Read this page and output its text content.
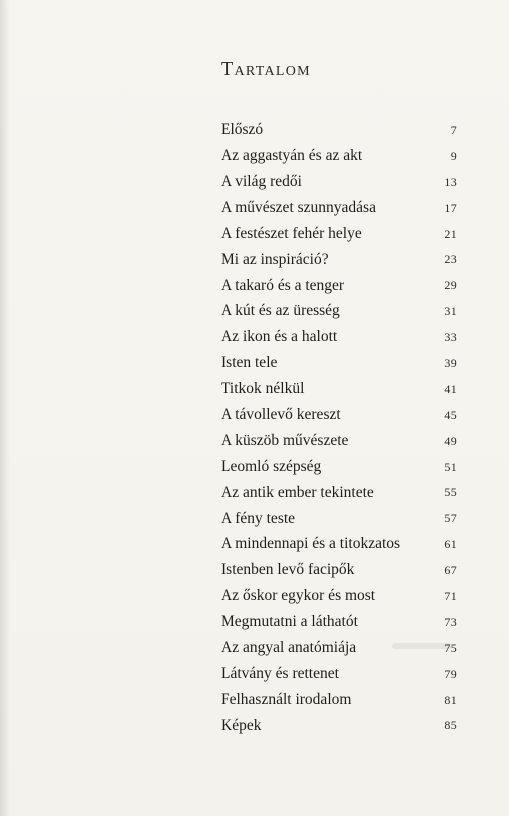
Tartalom
Előszó	7
Az aggastyán és az akt	9
A világ redői	13
A művészet szunnyadása	17
A festészet fehér helye	21
Mi az inspiráció?	23
A takaró és a tenger	29
A kút és az üresség	31
Az ikon és a halott	33
Isten tele	39
Titkok nélkül	41
A távollevő kereszt	45
A küszöb művészete	49
Leomló szépség	51
Az antik ember tekintete	55
A fény teste	57
A mindennapi és a titokzatos	61
Istenben levő facipők	67
Az őskor egykor és most	71
Megmutatni a láthatót	73
Az angyal anatómiája	75
Látvány és rettenet	79
Felhasznált irodalom	81
Képek	85
